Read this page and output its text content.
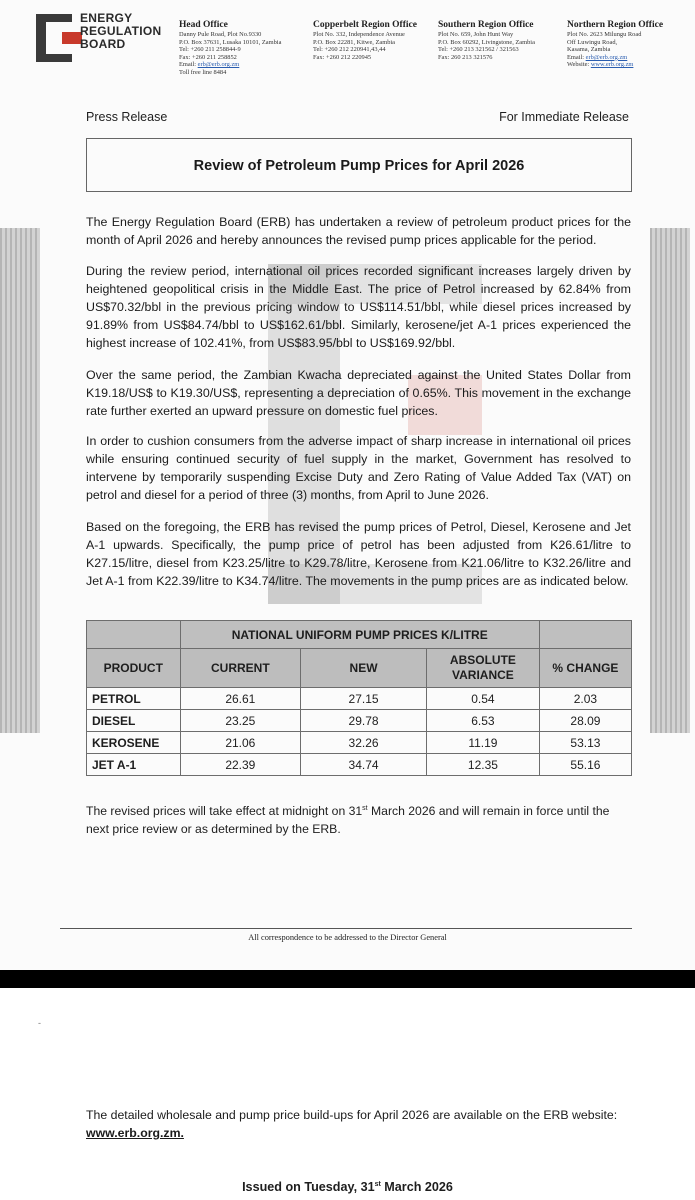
ENERGY
REGULATION
BOARD
Head Office
Danny Pule Road, Plot No.9330
P.O. Box 37631, Lusaka 10101, Zambia
Tel: +260 211 258844-9
Fax: +260 211 258852
Email: erb@erb.org.zm
Toll free line 8484
Copperbelt Region Office
Plot No. 332, Independence Avenue
P.O. Box 22281, Kitwe, Zambia
Tel: +260 212 220941,43,44
Fax: +260 212 220945
Southern Region Office
Plot No. 659, John Hunt Way
P.O. Box 60292, Livingstone, Zambia
Tel: +260 213 321562 / 321563
Fax: 260 213 321576
Northern Region Office
Plot No. 2623 Milungu Road
Off Luwingu Road,
Kasama, Zambia
Email: erb@erb.org.zm
Website: www.erb.org.zm
Press Release	For Immediate Release
Review of Petroleum Pump Prices for April 2026
The Energy Regulation Board (ERB) has undertaken a review of petroleum product prices for the month of April 2026 and hereby announces the revised pump prices applicable for the period.
During the review period, international oil prices recorded significant increases largely driven by heightened geopolitical crisis in the Middle East. The price of Petrol increased by 62.84% from US$70.32/bbl in the previous pricing window to US$114.51/bbl, while diesel prices increased by 91.89% from US$84.74/bbl to US$162.61/bbl. Similarly, kerosene/jet A-1 prices experienced the highest increase of 102.41%, from US$83.95/bbl to US$169.92/bbl.
Over the same period, the Zambian Kwacha depreciated against the United States Dollar from K19.18/US$ to K19.30/US$, representing a depreciation of 0.65%. This movement in the exchange rate further exerted an upward pressure on domestic fuel prices.
In order to cushion consumers from the adverse impact of sharp increase in international oil prices while ensuring continued security of fuel supply in the market, Government has resolved to intervene by temporarily suspending Excise Duty and Zero Rating of Value Added Tax (VAT) on petrol and diesel for a period of three (3) months, from April to June 2026.
Based on the foregoing, the ERB has revised the pump prices of Petrol, Diesel, Kerosene and Jet A-1 upwards. Specifically, the pump price of petrol has been adjusted from K26.61/litre to K27.15/litre, diesel from K23.25/litre to K29.78/litre, Kerosene from K21.06/litre to K32.26/litre and Jet A-1 from K22.39/litre to K34.74/litre. The movements in the pump prices are as indicated below.
	NATIONAL UNIFORM PUMP PRICES K/LITRE			
PRODUCT	CURRENT	NEW	ABSOLUTE VARIANCE	% CHANGE
PETROL	26.61	27.15	0.54	2.03
DIESEL	23.25	29.78	6.53	28.09
KEROSENE	21.06	32.26	11.19	53.13
JET A-1	22.39	34.74	12.35	55.16
The revised prices will take effect at midnight on 31st March 2026 and will remain in force until the next price review or as determined by the ERB.
All correspondence to be addressed to the Director General
-
The detailed wholesale and pump price build-ups for April 2026 are available on the ERB website:
www.erb.org.zm.
Issued on Tuesday, 31st March 2026
